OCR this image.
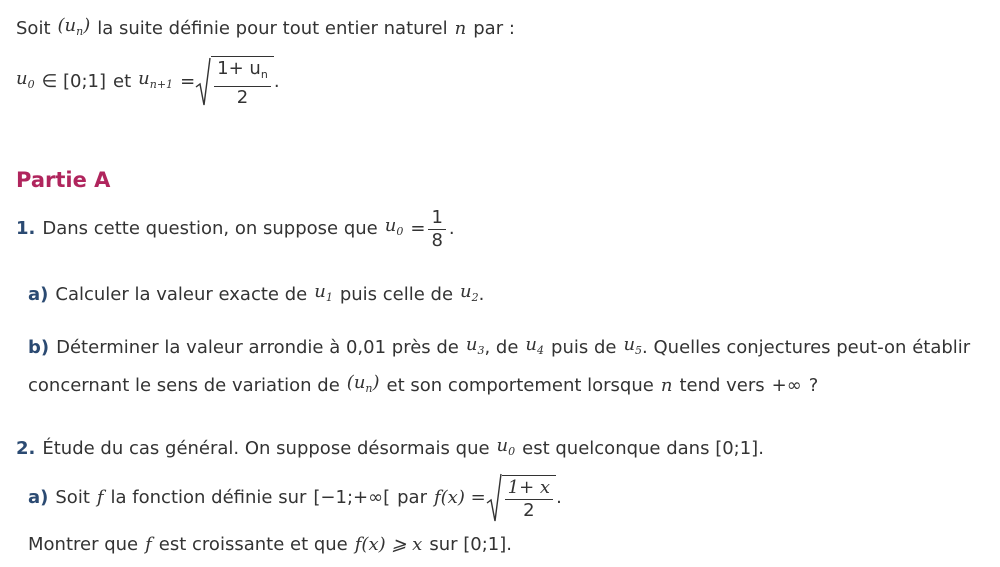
Soit $(u_n)$ la suite définie pour tout entier naturel n par :
$u_0$ ∈ [0;1] et $u_{n+1} = \frac{1+ u_n}{2}$ .
Partie A
1. Dans cette question, on suppose que $u_0 = \frac{1}{8}$ .
a) Calculer la valeur exacte de $u_1$ puis celle de $u_2$ .
b) Déterminer la valeur arrondie à 0,01 près de $u_3$ , de $u_4$ puis de $u_5$ . Quelles conjectures peut-on établir
concernant le sens de variation de $(u_n)$ et son comportement lorsque n tend vers +∞ ?
2. Étude du cas général. On suppose désormais que $u_0$ est quelconque dans [0;1].
a) Soit f la fonction définie sur [−1;+∞[ par $f(x) = \frac{1+ x}{2}$ .
Montrer que f est croissante et que f(x) ⩾ x sur [0;1].
